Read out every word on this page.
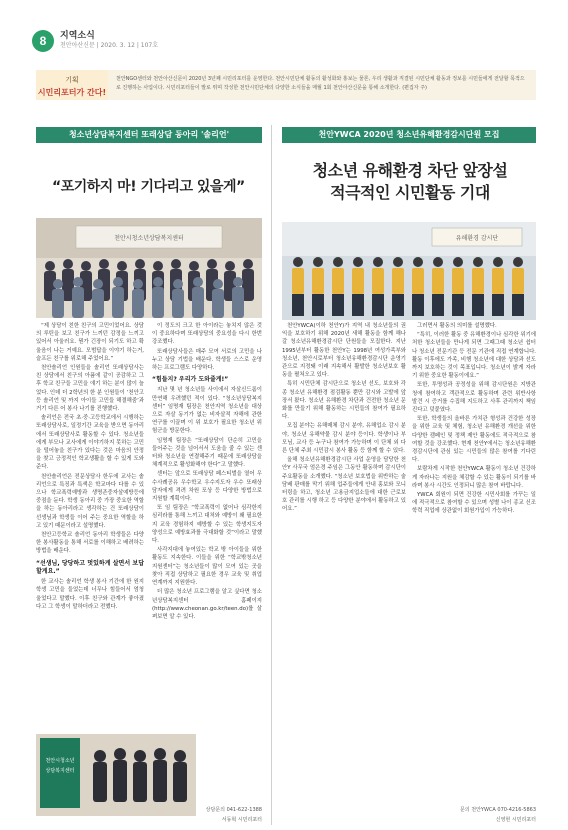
8	지역소식
천안아산신문 | 2020. 3. 12 | 107호
기획
시민리포터가 간다!
천안NGO센터와 천안아산신문이 2020년 3년째 시민리포터를 운영한다. 천안시민단체 활동의 활성화와 홍보는 물론, 우리 생활과 직결된 시민단체 활동과 정보를 시민들에게 전달할 목적으로 진행하는 사업이다. 시민리포터들이 발로 뛰며 작성한 천안시민단체의 다양한 소식들을 매월 1회 천안아산신문을 통해 소개한다. (편집자 주)
청소년상담복지센터 또래상담 동아리 '솔리언'	천안YWCA 2020년 청소년유해환경감시단원 모집
“포기하지 마! 기다리고 있을게”
청소년 유해환경 차단 앞장설
적극적인 시민활동 기대
천안시청소년상담복지센터	유해환경 감시단

“제 상담이 친한 친구의 고민이었어요. 상담의 루틴을 보고 친구가 느끼던 감정을 느끼고 있어서 아울러요. 뭔가 긴장이 되기도 하고 확 울음이 나는 거예요. 모범답을 이야기 하는거, 슬프든 친구를 위로해 주었어요.”

천안솔리언 인원들을 솔리언 또래상담사는 친 상담에서 친구의 아픔에 같이 공감하고 그 후 학교 친구들 고민을 얘기 하는 분이 많이 늘었다. 인데 더 2학년의 한 분 인원들이 ‘천안고등 솔리언 및 까지 아이들 고민들 해결해줌’과 거기 다른 어 봉사 나기를 진행했다.

솔리언은 전국 초·중·고등학교에서 시행하는 또래상담사로, 일정기간 교육을 받으면 동아리에서 또래상담사로 활동할 수 있다. 청소년들에게 부모나 교사에게 이야기하지 못하는 고민을 털어놓을 친구가 있다는 것은 마음의 안정을 찾고 긍정적인 학교생활을 할 수 있게 도와준다.

천안솔리언은 전문상담사 한두에 교사는 솔리언으로 특징과 특색은 학교마다 다를 수 있으나 학교폭력예방과 생명존중자살예방등에 중점을 둔다. 학생 동아리 중 가장 중요한 역할을 하는 동아리라고 생각하는 건 또래상담이 선생님과 학생들 이어 주는 중요한 역할을 하고 있기 때문이라고 설명했다.

천안고등학교 솔리언 동아리 학생들은 다양한 봉사활동을 통해 서로를 이해하고 배려하는 방법을 배운다.

“선생님, 당당하고 멋있하게 살면서 보답할게요.”

한 교사는 솔리언 학생 봉사 기간에 한 원지 학생 고민을 들었는데 너무나 힘들어서 엄청 울었다고 말했다. 이후 친구와 관계가 좋아졌다고 그 학생이 말하더라고 전했다.

이 정도의 크고 한 아이라는 놓치지 않은 것이 중요하다며 또래상담의 중요성을 다시 한번 강조했다.

또래상담사들은 매주 모여 서로의 고민을 나누고 상담 기법을 배운다. 학생들 스스로 운영하는 프로그램도 다양하다.

“힘들지? 우리가 도와줄게!”

지난 몇 년 청소년들 사이에서 자살신드롬이 만연해 우려했던 적이 있다. “청소년상담복지센터” 임명재 팀장은 천안지역 청소년을 대상으로 자살 동기가 없는 비자살적 자해에 관한 연구를 이끌며 이 위 보호가 필요한 청소년 위험군을 방문한다.

임명재 팀장은 “또래상담이 단순히 고민을 들어주는 것을 넘어서서 도움을 줄 수 있는 센터와 청소년을 연결해주기 때문에 또래상담을 체계적으로 활성화해야 한다”고 말했다.

센터는 앞으로 또래상담 페스티벌을 열어 우수사례공유 우수학교 우수지도자 우수 또래상담자에게 격려 차원 포상 등 다양한 방법으로 지원할 계획이다.

또 임 팀장은 “학교폭력이 없어나 심각한지 심리라를 통해 느끼고 대처와 예방이 왜 필요한지 교육 경험하지 예방할 수 있는 학생지도자 양성으로 예방효과를 극대화할 것”이라고 말했다.

사각지대에 놓여있는 학교 밖 아이들을 위한 활동도 지속한다. 이들을 위한 “학교밖청소년지원센터”는 청소년들이 많이 모여 있는 곳을 찾아 직접 상담하고 필요한 경우 교육 및 취업 연계까지 지원한다.

더 많은 청소년 프로그램을 알고 싶다면 청소년상담복지센터 홈페이지(http://www.cheonan.go.kr/teen.do)를 살펴보면 알 수 있다.

천안YWCA(이하 천안Y)가 지역 내 청소년들의 권익을 보호하기 위해 2020년 새해 활동을 함께 해나갈 청소년유해환경감시단 단원들을 모집한다. 지난 1995년부터 활동한 천안Y는 1998년 여성가족부와 청소년, 천안시로부터 청소년유해환경감시단 운영기관으로 지정돼 이래 지속해서 활발한 청소년보호 활동을 펼쳐오고 있다.

특히 시민단체 감시단으로 청소년 선도, 보호와 각종 청소년 유해환경 점검활동 뿐만 감시와 고발에 앞장서 왔다. 청소년 유해환경 차단과 건전한 청소년 문화를 만들기 위해 활동하는 시민들의 참여가 필요하다.

모집 분야는 유해매체 감시 분야, 유해업소 감시 분야, 청소년 유해약물 감시 분야 등이다. 학생이나 부모님, 교사 등 누구나 참여가 가능하며 이 단체 외 다른 단체 주최 시민감시 봉사 활동 등 함께 할 수 있다.

올해 청소년유해환경감시단 사업 운영을 담당한 천안Y 사무국 엄은경 주임은 그동안 활동하며 감시단이 주요활동을 소개했다. “청소년 보호법을 위반하는 술 담배 판매를 막기 위해 업주들에게 안내 홍보와 모니터링을 하고, 청소년 고용금지업소들에 대한 근로보호 관리를 시행 하고 등 다양한 분야에서 활동하고 있어요.”

그러면서 활동의 의미를 설명했다.

“특히, 이러한 활동 중 유해환경이나 심각한 위기에 처한 청소년들을 만나게 되면 그때그때 청소년 쉼터나 청소년 전문기관 등 전문 기관에 직접 연계합니다. 활동 이후에도 가족, 비행 청소년에 대한 상담과 선도까지 보호하는 것이 목표입니다. 청소년이 밝게 자라기 위한 중요한 활동이에요.”

또한, 투명성과 공정성을 위해 감시단원은 지방관청에 참여하고 객관적으로 활동하며 관련 위반사항 발견 시 증거를 수집해 지도하고 사후 관리까지 책임진다고 덧붙였다.

또한, 학생들의 올바른 가치관 형성과 건강한 성장을 위한 교육 및 체험, 청소년 유해환경 개선을 위한 다양한 캠페인 및 정책 제안 활동에도 적극적으로 참여할 것을 강조했다. 현재 천안Y에서는 청소년유해환경감시단에 관심 있는 시민들의 많은 참여를 기다린다.

보람차게 시작한 천안YWCA 활동이 청소년 건강하게 자라나는 지원을 체감할 수 있는 활동이 되기를 바라며 봉사 시간도 인정되니 많은 참여 바랍니다.

YWCA 회원이 되면 건강한 시민사회를 가꾸는 일에 적극적으로 참여할 수 있으며 성별 나이 종교 신조 학력 직업에 상관없이 회원가입이 가능하다.

천안시청소년
상담복지센터
상담문의 041-622-1388
서동혁 시민리포터
문의 천안YWCA 070-4216-5863
신영현 시민리포터
